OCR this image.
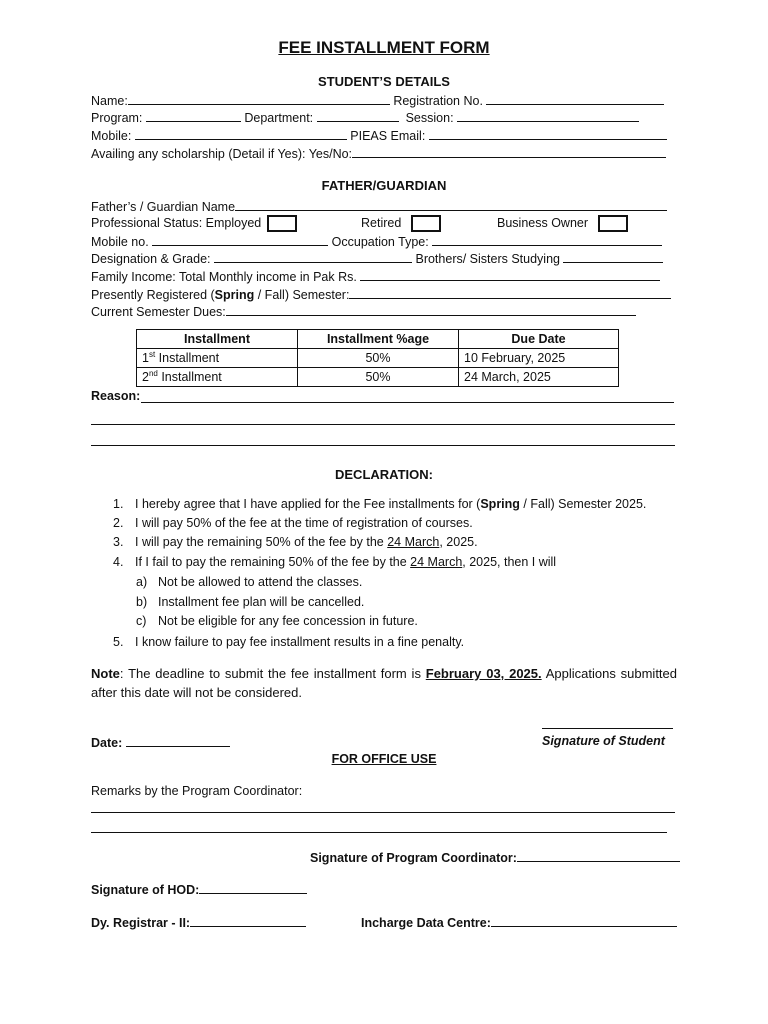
FEE INSTALLMENT FORM
STUDENT’S DETAILS
Name:	Registration No.
Program:	Department:	Session:
Mobile:	PIEAS Email:
Availing any scholarship (Detail if Yes): Yes/No:
FATHER/GUARDIAN
Father’s / Guardian Name
Professional Status: Employed	Retired	Business Owner
Mobile no.	Occupation Type:
Designation & Grade:	Brothers/ Sisters Studying
Family Income: Total Monthly income in Pak Rs.
Presently Registered (Spring / Fall) Semester:
Current Semester Dues:
Installment	Installment %age	Due Date
1st Installment	50%	10 February, 2025
2nd Installment	50%	24 March, 2025
Reason:
DECLARATION:
1. I hereby agree that I have applied for the Fee installments for (Spring / Fall) Semester 2025.
2. I will pay 50% of the fee at the time of registration of courses.
3. I will pay the remaining 50% of the fee by the 24 March, 2025.
4. If I fail to pay the remaining 50% of the fee by the 24 March, 2025, then I will
a) Not be allowed to attend the classes.
b) Installment fee plan will be cancelled.
c) Not be eligible for any fee concession in future.
5. I know failure to pay fee installment results in a fine penalty.
Note: The deadline to submit the fee installment form is February 03, 2025. Applications submitted after this date will not be considered.
Date:	Signature of Student
FOR OFFICE USE
Remarks by the Program Coordinator:
Signature of Program Coordinator:
Signature of HOD:
Dy. Registrar - II:	Incharge Data Centre:
